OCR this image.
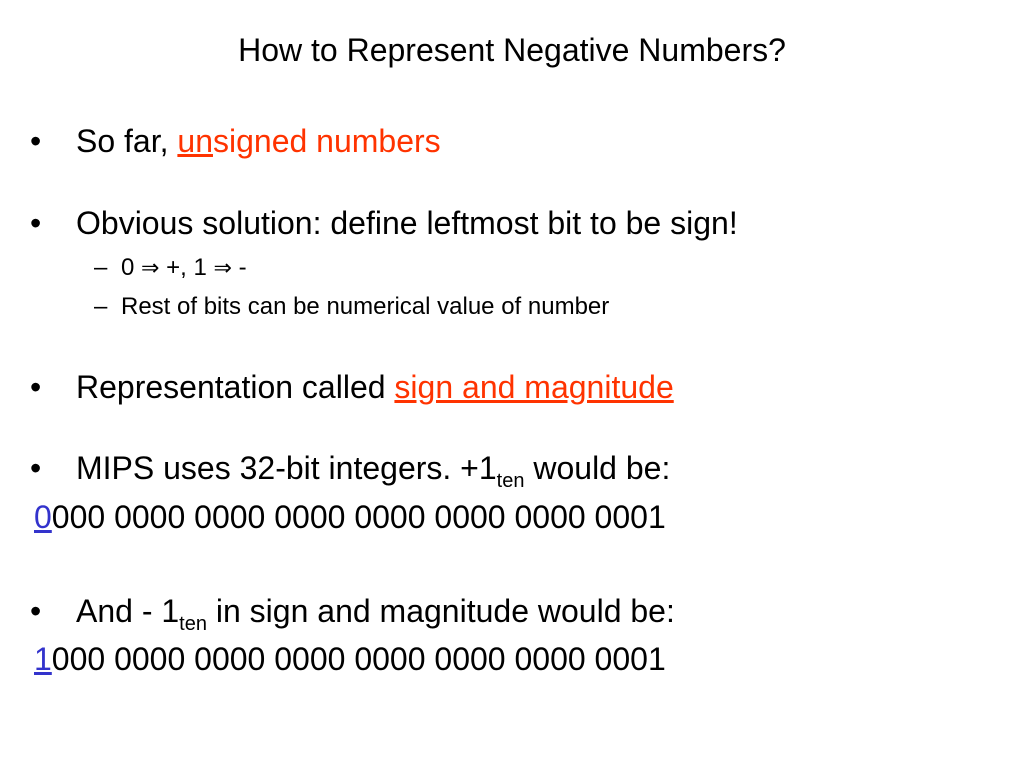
How to Represent Negative Numbers?
•	So far, unsigned numbers
•	Obvious solution: define leftmost bit to be sign!
– 0 ⇒ +, 1 ⇒ -
– Rest of bits can be numerical value of number
•	Representation called sign and magnitude
•	MIPS uses 32-bit integers. $+1_{ten}$ would be:
0000 0000 0000 0000 0000 0000 0000 0001
•	And - $1_{ten}$ in sign and magnitude would be:
1000 0000 0000 0000 0000 0000 0000 0001
